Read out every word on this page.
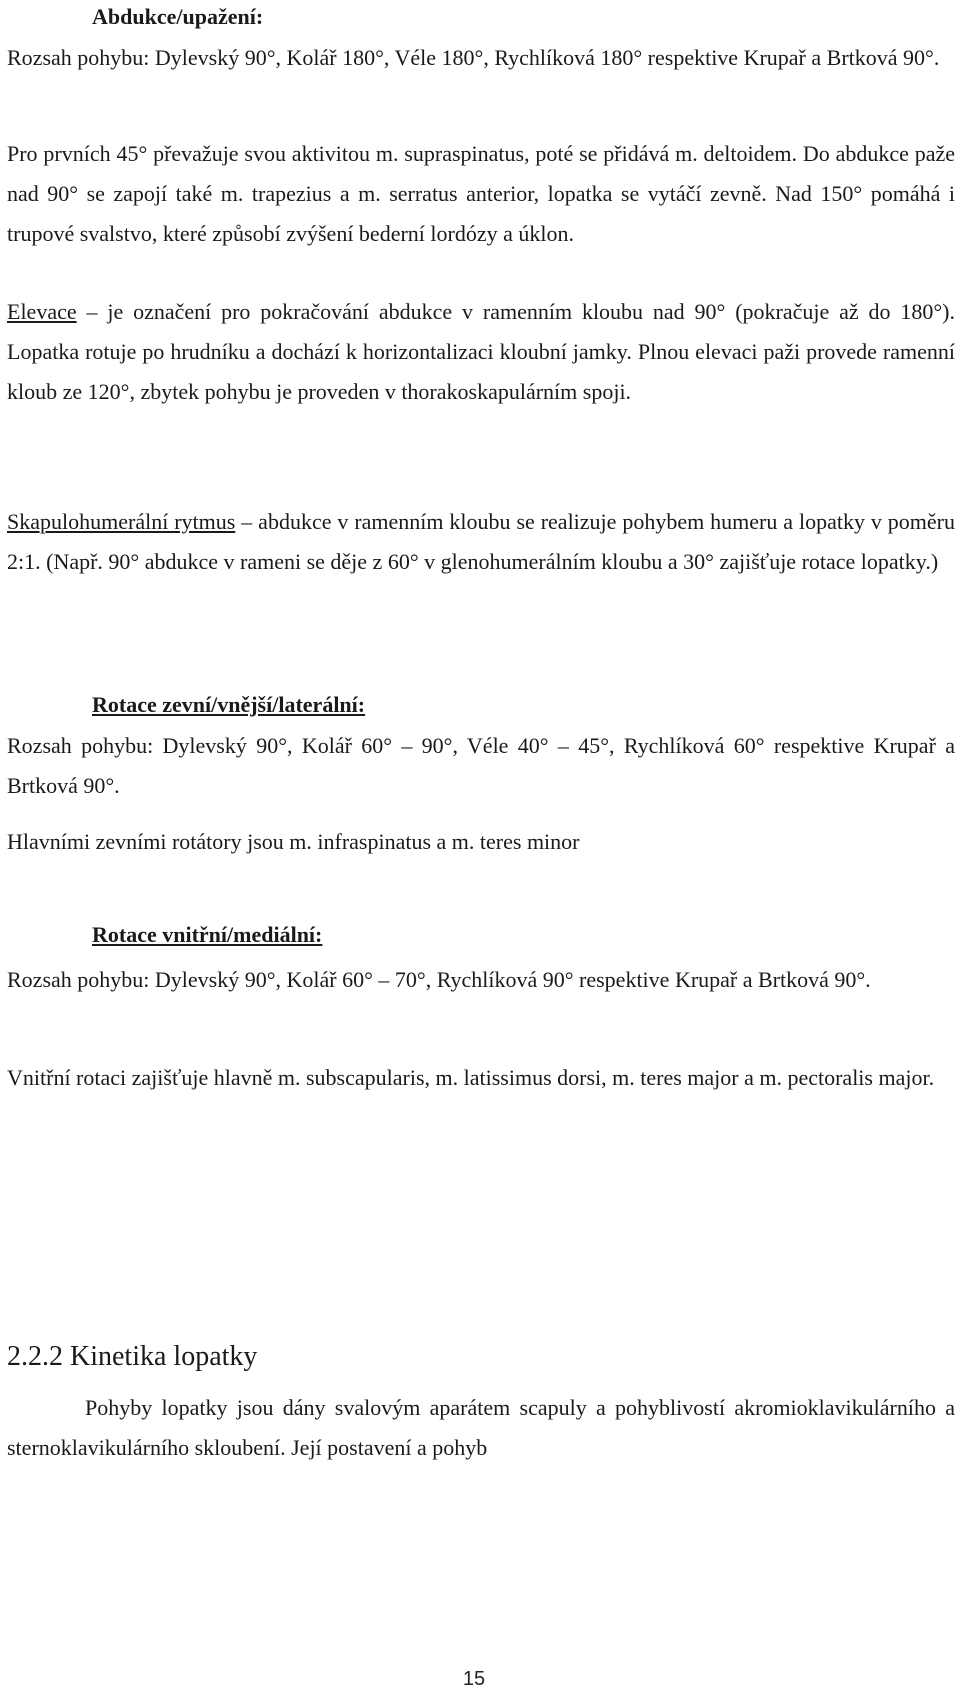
Abdukce/upažení:

Rozsah pohybu: Dylevský 90°, Kolář 180°, Véle 180°, Rychlíková 180° respektive Krupař a Brtková 90°.

Pro prvních 45° převažuje svou aktivitou m. supraspinatus, poté se přidává m. deltoidem. Do abdukce paže nad 90° se zapojí také m. trapezius a m. serratus anterior, lopatka se vytáčí zevně. Nad 150° pomáhá i trupové svalstvo, které způsobí zvýšení bederní lordózy a úklon.

Elevace – je označení pro pokračování abdukce v ramenním kloubu nad 90° (pokračuje až do 180°). Lopatka rotuje po hrudníku a dochází k horizontalizaci kloubní jamky. Plnou elevaci paži provede ramenní kloub ze 120°, zbytek pohybu je proveden v thorakoskapulárním spoji.

Skapulohumerální rytmus – abdukce v ramenním kloubu se realizuje pohybem humeru a lopatky v poměru 2:1. (Např. 90° abdukce v rameni se děje z 60° v glenohumerálním kloubu a 30° zajišťuje rotace lopatky.)

Rotace zevní/vnější/laterální:

Rozsah pohybu: Dylevský 90°, Kolář 60° – 90°, Véle 40° – 45°, Rychlíková 60° respektive Krupař a Brtková 90°.

Hlavními zevními rotátory jsou m. infraspinatus a m. teres minor

Rotace vnitřní/mediální:

Rozsah pohybu: Dylevský 90°, Kolář 60° – 70°, Rychlíková 90° respektive Krupař a Brtková 90°.

Vnitřní rotaci zajišťuje hlavně m. subscapularis, m. latissimus dorsi, m. teres major a m. pectoralis major.

2.2.2 Kinetika lopatky

Pohyby lopatky jsou dány svalovým aparátem scapuly a pohyblivostí akromioklavikulárního a sternoklavikulárního skloubení. Její postavení a pohyb

15
